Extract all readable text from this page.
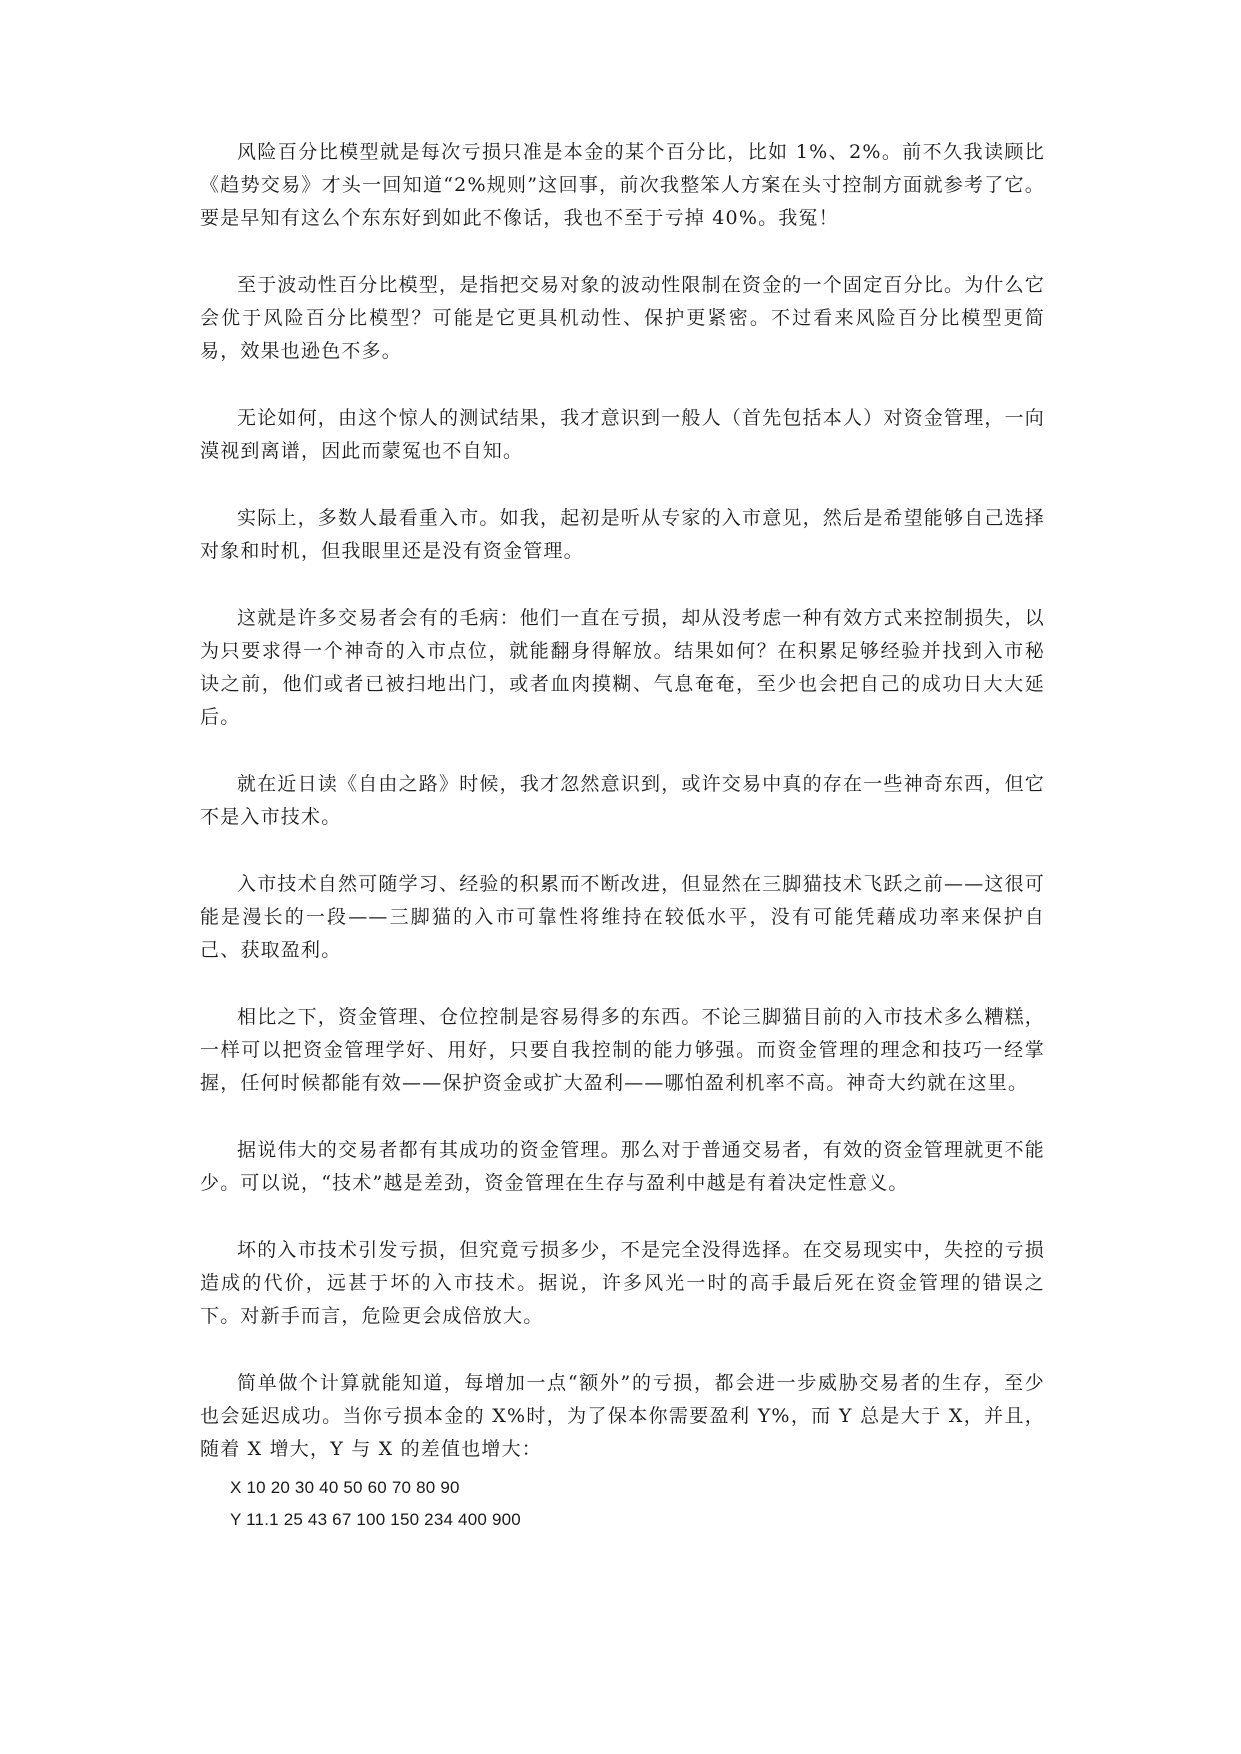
风险百分比模型就是每次亏损只准是本金的某个百分比，比如 1%、2%。前不久我读顾比《趋势交易》才头一回知道“2%规则”这回事，前次我整笨人方案在头寸控制方面就参考了它。要是早知有这么个东东好到如此不像话，我也不至于亏掉 40%。我冤！

至于波动性百分比模型，是指把交易对象的波动性限制在资金的一个固定百分比。为什么它会优于风险百分比模型？可能是它更具机动性、保护更紧密。不过看来风险百分比模型更简易，效果也逊色不多。

无论如何，由这个惊人的测试结果，我才意识到一般人（首先包括本人）对资金管理，一向漠视到离谱，因此而蒙冤也不自知。

实际上，多数人最看重入市。如我，起初是听从专家的入市意见，然后是希望能够自己选择对象和时机，但我眼里还是没有资金管理。

这就是许多交易者会有的毛病：他们一直在亏损，却从没考虑一种有效方式来控制损失，以为只要求得一个神奇的入市点位，就能翻身得解放。结果如何？在积累足够经验并找到入市秘诀之前，他们或者已被扫地出门，或者血肉摸糊、气息奄奄，至少也会把自己的成功日大大延后。

就在近日读《自由之路》时候，我才忽然意识到，或许交易中真的存在一些神奇东西，但它不是入市技术。

入市技术自然可随学习、经验的积累而不断改进，但显然在三脚猫技术飞跃之前——这很可能是漫长的一段——三脚猫的入市可靠性将维持在较低水平，没有可能凭藉成功率来保护自己、获取盈利。

相比之下，资金管理、仓位控制是容易得多的东西。不论三脚猫目前的入市技术多么糟糕，一样可以把资金管理学好、用好，只要自我控制的能力够强。而资金管理的理念和技巧一经掌握，任何时候都能有效——保护资金或扩大盈利——哪怕盈利机率不高。神奇大约就在这里。

据说伟大的交易者都有其成功的资金管理。那么对于普通交易者，有效的资金管理就更不能少。可以说，“技术”越是差劲，资金管理在生存与盈利中越是有着决定性意义。

坏的入市技术引发亏损，但究竟亏损多少，不是完全没得选择。在交易现实中，失控的亏损造成的代价，远甚于坏的入市技术。据说，许多风光一时的高手最后死在资金管理的错误之下。对新手而言，危险更会成倍放大。

简单做个计算就能知道，每增加一点“额外”的亏损，都会进一步威胁交易者的生存，至少也会延迟成功。当你亏损本金的 X%时，为了保本你需要盈利 Y%，而 Y 总是大于 X，并且，随着 X 增大，Y 与 X 的差值也增大：

X 10 20 30 40 50 60 70 80 90

Y 11.1 25 43 67 100 150 234 400 900
